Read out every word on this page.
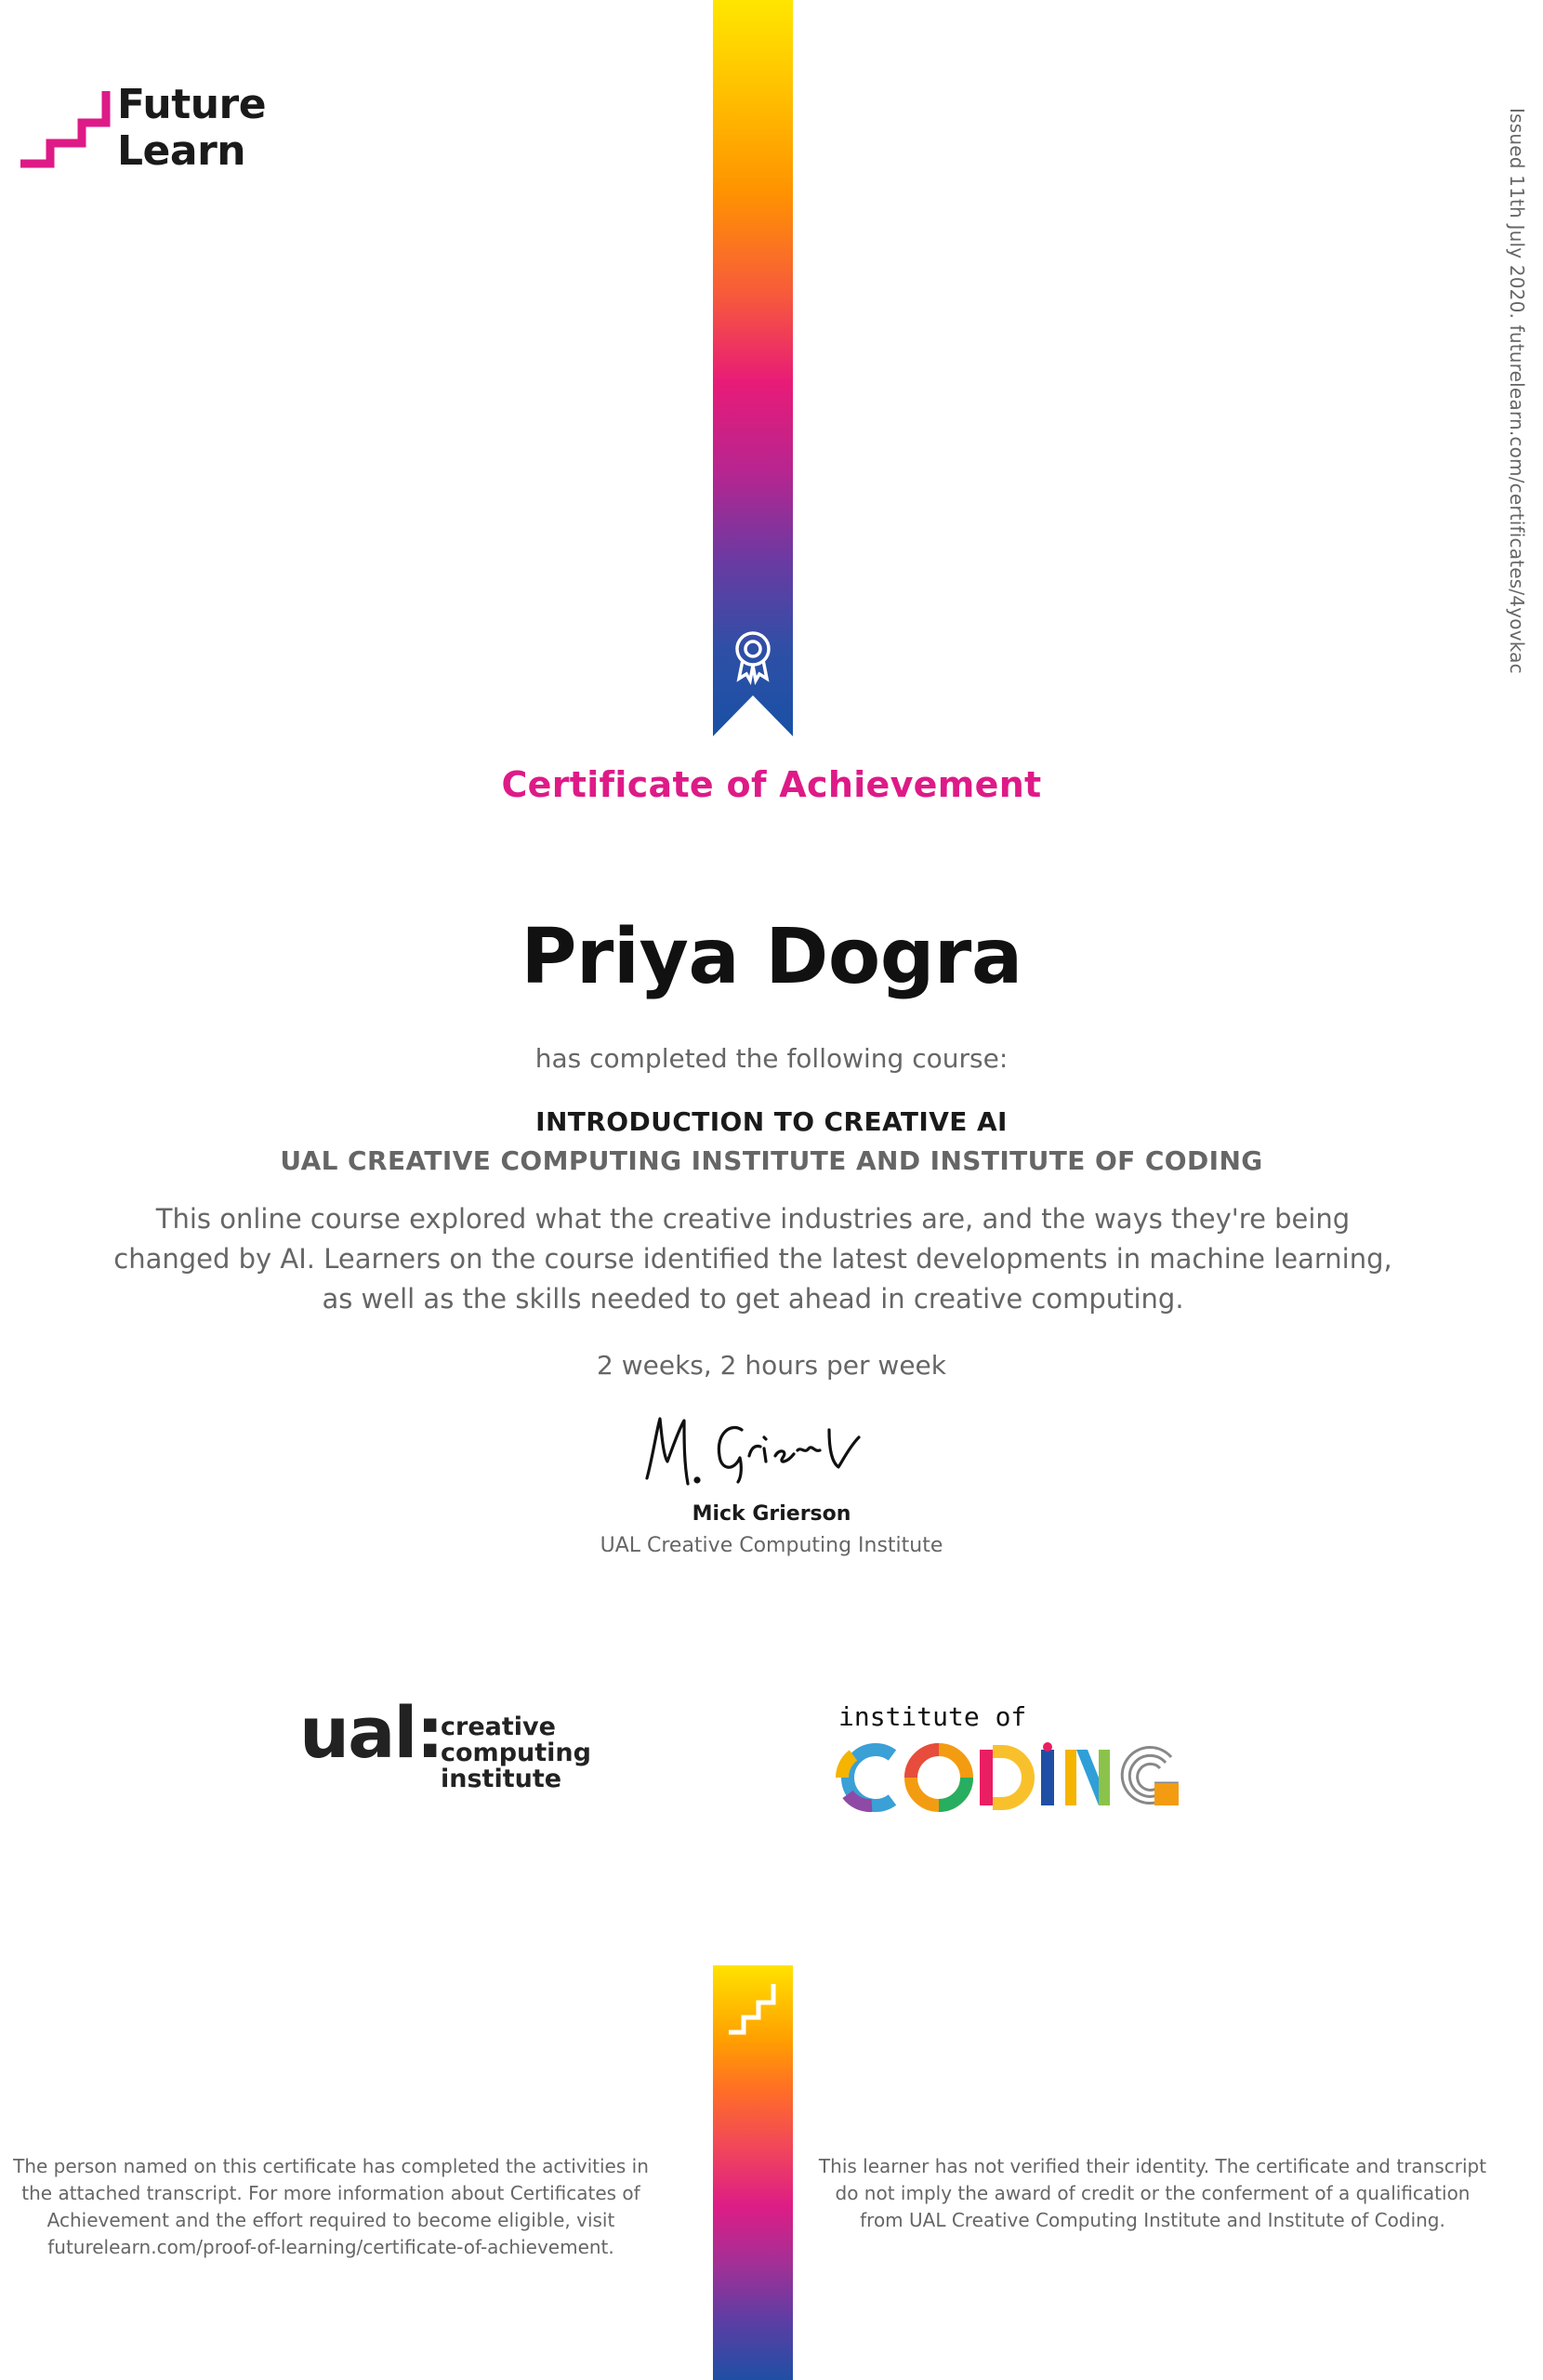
Future
Learn	Issued 11th July 2020. futurelearn.com/certificates/4yovkac
Certificate of Achievement
Priya Dogra
has completed the following course:
INTRODUCTION TO CREATIVE AI
UAL CREATIVE COMPUTING INSTITUTE AND INSTITUTE OF CODING
This online course explored what the creative industries are, and the ways they're being changed by AI. Learners on the course identified the latest developments in machine learning, as well as the skills needed to get ahead in creative computing.
2 weeks, 2 hours per week
Mick Grierson
UAL Creative Computing Institute
ual:
creative computing
institute
institute of
The person named on this certificate has completed the activities in the attached transcript. For more information about Certificates of Achievement and the effort required to become eligible, visit futurelearn.com/proof-of-learning/certificate-of-achievement.
This learner has not verified their identity. The certificate and transcript do not imply the award of credit or the conferment of a qualification from UAL Creative Computing Institute and Institute of Coding.
